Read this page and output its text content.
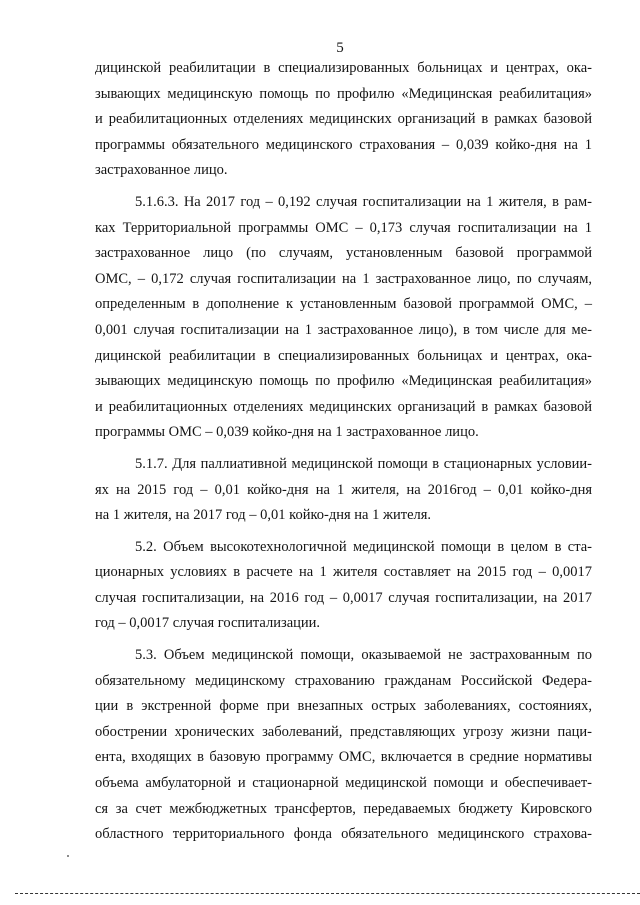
5
дицинской реабилитации в специализированных больницах и центрах, ока-
зывающих медицинскую помощь по профилю «Медицинская реабилитация»
и реабилитационных отделениях медицинских организаций в рамках базовой
программы обязательного медицинского страхования – 0,039 койко-дня на 1
застрахованное лицо.
5.1.6.3. На 2017 год – 0,192 случая госпитализации на 1 жителя, в рам-
ках Территориальной программы ОМС – 0,173 случая госпитализации на 1
застрахованное лицо (по случаям, установленным базовой программой
ОМС, – 0,172 случая госпитализации на 1 застрахованное лицо, по случаям,
определенным в дополнение к установленным базовой программой ОМС, –
0,001 случая госпитализации на 1 застрахованное лицо), в том числе для ме-
дицинской реабилитации в специализированных больницах и центрах, ока-
зывающих медицинскую помощь по профилю «Медицинская реабилитация»
и реабилитационных отделениях медицинских организаций в рамках базовой
программы ОМС – 0,039 койко-дня на 1 застрахованное лицо.
5.1.7. Для паллиативной медицинской помощи в стационарных условии-
ях на 2015 год – 0,01 койко-дня на 1 жителя, на 2016год – 0,01 койко-дня
на 1 жителя, на 2017 год – 0,01 койко-дня на 1 жителя.
5.2. Объем высокотехнологичной медицинской помощи в целом в ста-
ционарных условиях в расчете на 1 жителя составляет на 2015 год – 0,0017
случая госпитализации, на 2016 год – 0,0017 случая госпитализации, на 2017
год – 0,0017 случая госпитализации.
5.3. Объем медицинской помощи, оказываемой не застрахованным по
обязательному медицинскому страхованию гражданам Российской Федера-
ции в экстренной форме при внезапных острых заболеваниях, состояниях,
обострении хронических заболеваний, представляющих угрозу жизни паци-
ента, входящих в базовую программу ОМС, включается в средние нормативы
объема амбулаторной и стационарной медицинской помощи и обеспечивает-
ся за счет межбюджетных трансфертов, передаваемых бюджету Кировского
областного территориального фонда обязательного медицинского страхова-
